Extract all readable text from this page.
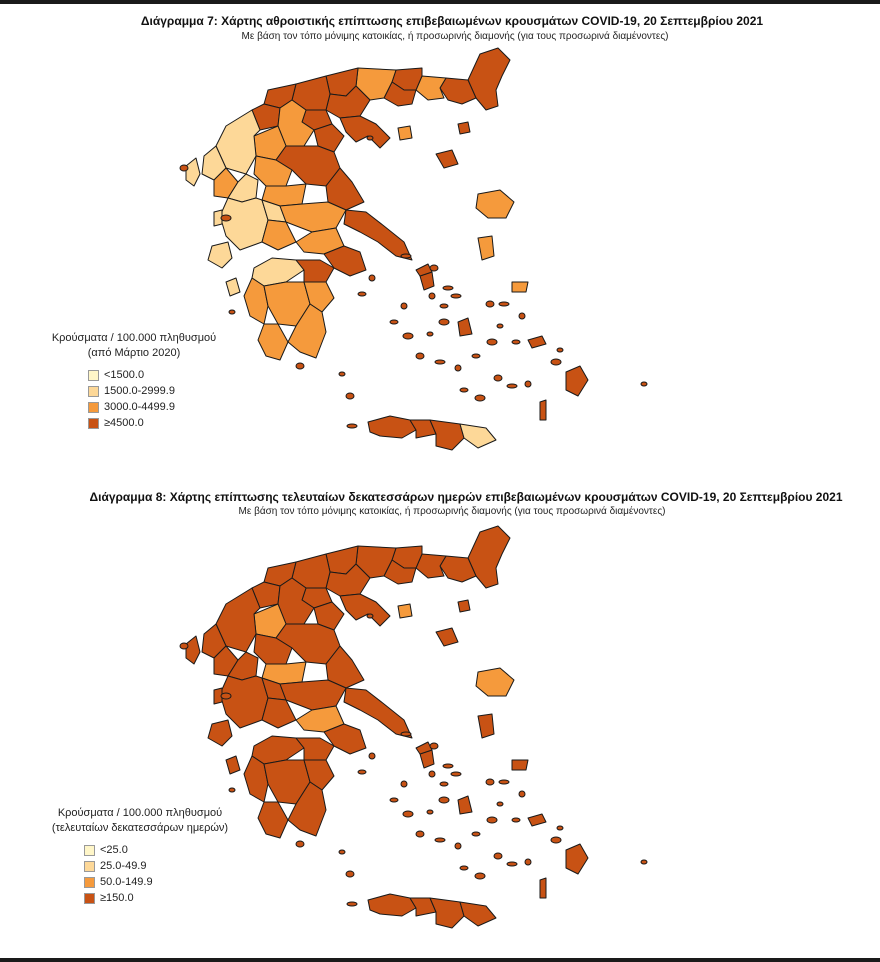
Διάγραμμα 7: Χάρτης αθροιστικής επίπτωσης επιβεβαιωμένων κρουσμάτων COVID-19, 20 Σεπτεμβρίου 2021
Με βάση τον τόπο μόνιμης κατοικίας, ή προσωρινής διαμονής (για τους προσωρινά διαμένοντες)
Κρούσματα / 100.000 πληθυσμού
(από Μάρτιο 2020)
<1500.0
1500.0-2999.9
3000.0-4499.9
≥4500.0
Διάγραμμα 8: Χάρτης επίπτωσης τελευταίων δεκατεσσάρων ημερών επιβεβαιωμένων κρουσμάτων COVID-19, 20 Σεπτεμβρίου 2021
Με βάση τον τόπο μόνιμης κατοικίας, ή προσωρινής διαμονής (για τους προσωρινά διαμένοντες)
Κρούσματα / 100.000 πληθυσμού
(τελευταίων δεκατεσσάρων ημερών)
<25.0
25.0-49.9
50.0-149.9
≥150.0
